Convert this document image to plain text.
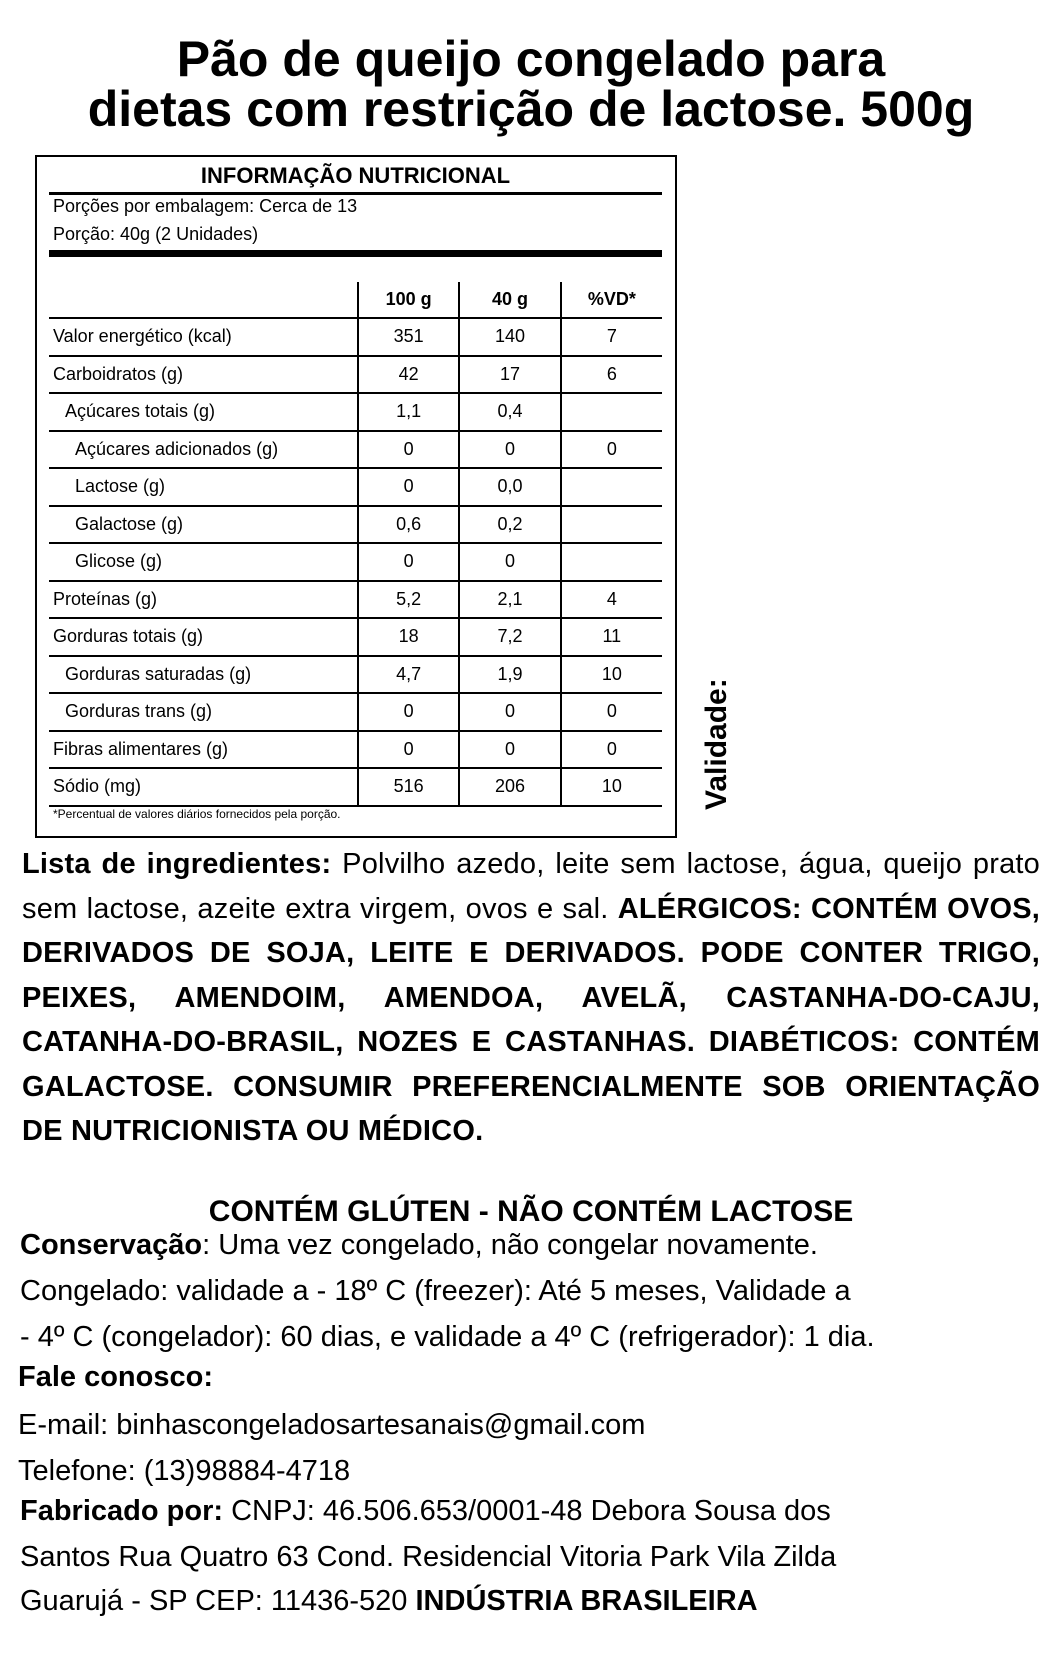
Pão de queijo congelado para
dietas com restrição de lactose. 500g
INFORMAÇÃO NUTRICIONAL
Porções por embalagem: Cerca de 13
Porção: 40g (2 Unidades)
	100 g	40 g	%VD*
Valor energético (kcal)	351	140	7
Carboidratos (g)	42	17	6
Açúcares totais (g)	1,1	0,4	
Açúcares adicionados (g)	0	0	0
Lactose (g)	0	0,0	
Galactose (g)	0,6	0,2	
Glicose (g)	0	0	
Proteínas (g)	5,2	2,1	4
Gorduras totais (g)	18	7,2	11
Gorduras saturadas (g)	4,7	1,9	10
Gorduras trans (g)	0	0	0
Fibras alimentares (g)	0	0	0
Sódio (mg)	516	206	10
*Percentual de valores diários fornecidos pela porção.
Validade:

Lista de ingredientes: Polvilho azedo, leite sem lactose, água, queijo prato sem lactose, azeite extra virgem, ovos e sal. ALÉRGICOS: CONTÉM OVOS, DERIVADOS DE SOJA, LEITE E DERIVADOS. PODE CONTER TRIGO, PEIXES, AMENDOIM, AMENDOA, AVELÃ, CASTANHA-DO-CAJU, CATANHA-DO-BRASIL, NOZES E CASTANHAS. DIABÉTICOS: CONTÉM GALACTOSE. CONSUMIR PREFERENCIALMENTE SOB ORIENTAÇÃO DE NUTRICIONISTA OU MÉDICO.

CONTÉM GLÚTEN - NÃO CONTÉM LACTOSE
Conservação: Uma vez congelado, não congelar novamente.
Congelado: validade a - 18º C (freezer): Até 5 meses, Validade a
- 4º C (congelador): 60 dias, e validade a 4º C (refrigerador): 1 dia.
Fale conosco:
E-mail: binhascongeladosartesanais@gmail.com
Telefone: (13)98884-4718
Fabricado por: CNPJ: 46.506.653/0001-48 Debora Sousa dos
Santos Rua Quatro 63 Cond. Residencial Vitoria Park Vila Zilda
Guarujá - SP CEP: 11436-520 INDÚSTRIA BRASILEIRA
